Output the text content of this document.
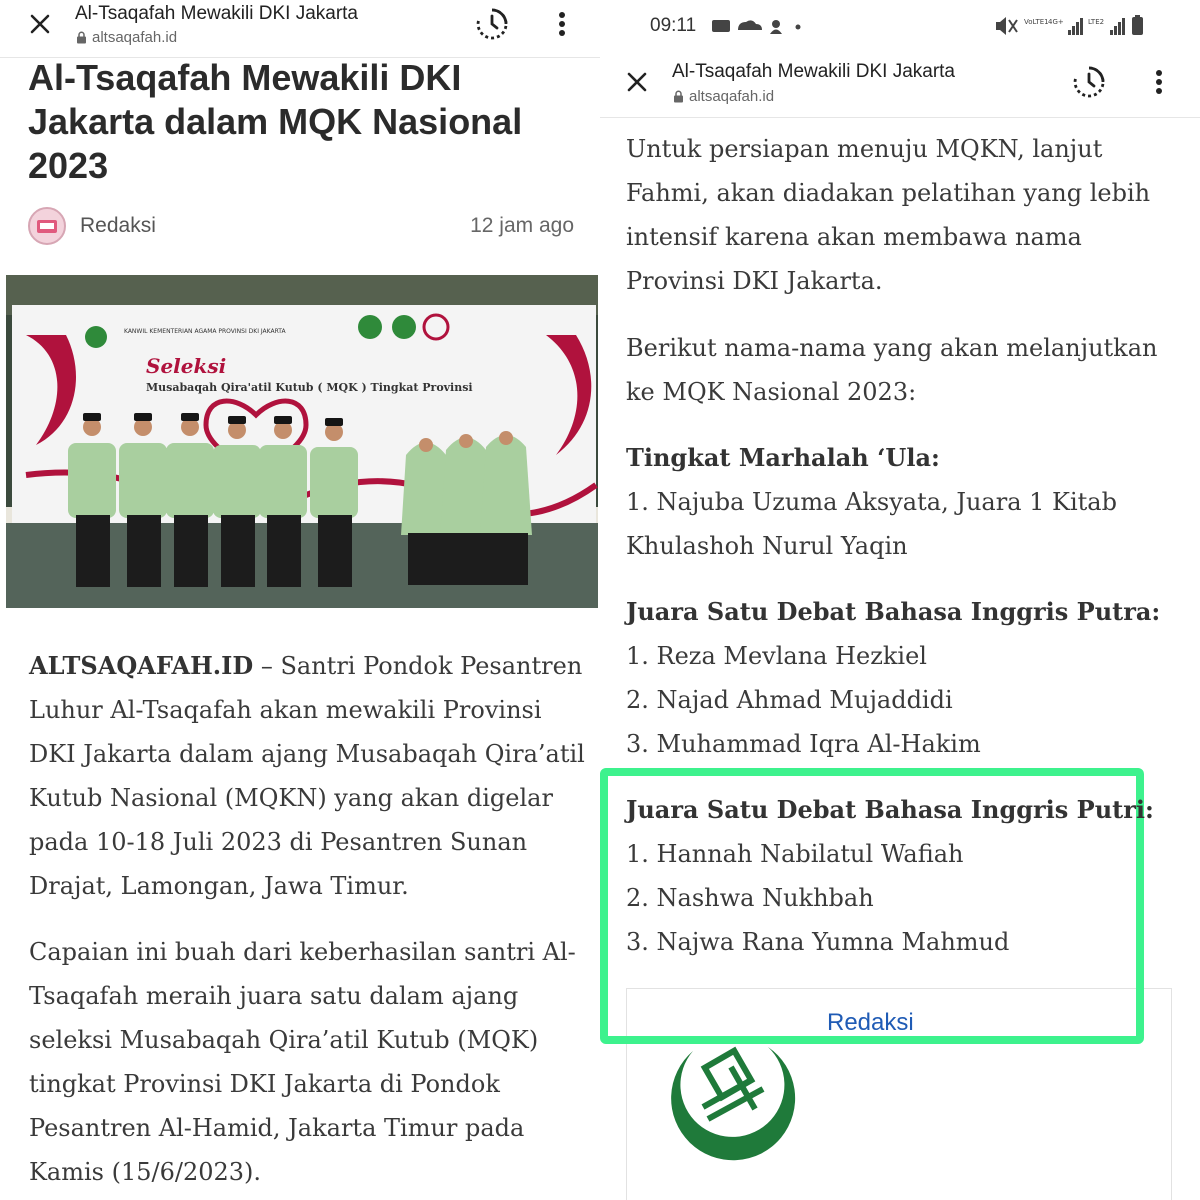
Al-Tsaqafah Mewakili DKI Jakarta
altsaqafah.id
Al-Tsaqafah Mewakili DKI Jakarta dalam MQK Nasional 2023
Redaksi	12 jam ago
KANWIL KEMENTERIAN AGAMA PROVINSI DKI JAKARTA
Seleksi
Musabaqah Qira'atil Kutub ( MQK ) Tingkat Provinsi

ALTSAQAFAH.ID – Santri Pondok Pesantren Luhur Al-Tsaqafah akan mewakili Provinsi DKI Jakarta dalam ajang Musabaqah Qira’atil Kutub Nasional (MQKN) yang akan digelar pada 10-18 Juli 2023 di Pesantren Sunan Drajat, Lamongan, Jawa Timur.

Capaian ini buah dari keberhasilan santri Al-Tsaqafah meraih juara satu dalam ajang seleksi Musabaqah Qira’atil Kutub (MQK) tingkat Provinsi DKI Jakarta di Pondok Pesantren Al-Hamid, Jakarta Timur pada Kamis (15/6/2023).

09:11	VoLTE1 4G+	LTE2
Al-Tsaqafah Mewakili DKI Jakarta
altsaqafah.id

Untuk persiapan menuju MQKN, lanjut Fahmi, akan diadakan pelatihan yang lebih intensif karena akan membawa nama Provinsi DKI Jakarta.

Berikut nama-nama yang akan melanjutkan ke MQK Nasional 2023:

Tingkat Marhalah ‘Ula:

1. Najuba Uzuma Aksyata, Juara 1 Kitab Khulashoh Nurul Yaqin

Juara Satu Debat Bahasa Inggris Putra:

1. Reza Mevlana Hezkiel

2. Najad Ahmad Mujaddidi

3. Muhammad Iqra Al-Hakim

Redaksi

Juara Satu Debat Bahasa Inggris Putri:

1. Hannah Nabilatul Wafiah

2. Nashwa Nukhbah

3. Najwa Rana Yumna Mahmud
